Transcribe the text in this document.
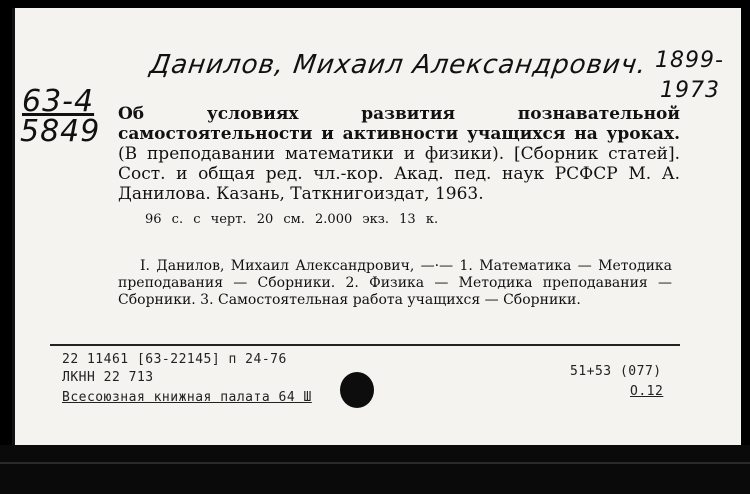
Данилов, Михаил Александрович. 1899-
1973
63-4
5849 Об условиях развития познавательной самостоятельности и активности учащихся на уроках. (В преподавании математики и физики). [Сборник статей]. Сост. и общая ред. чл.-кор. Акад. пед. наук РСФСР М. А. Данилова. Казань, Таткнигоиздат, 1963.
96 с. с черт. 20 см. 2.000 экз. 13 к.
I. Данилов, Михаил Александрович, —·— 1. Математика — Методика преподавания — Сборники. 2. Физика — Методика преподавания — Сборники. 3. Самостоятельная работа учащихся — Сборники.
22 11461 [63-22145] п 24-76
ЛКНН 22 713
Всесоюзная книжная палата 64 Ш
51+53 (077)
О.12
